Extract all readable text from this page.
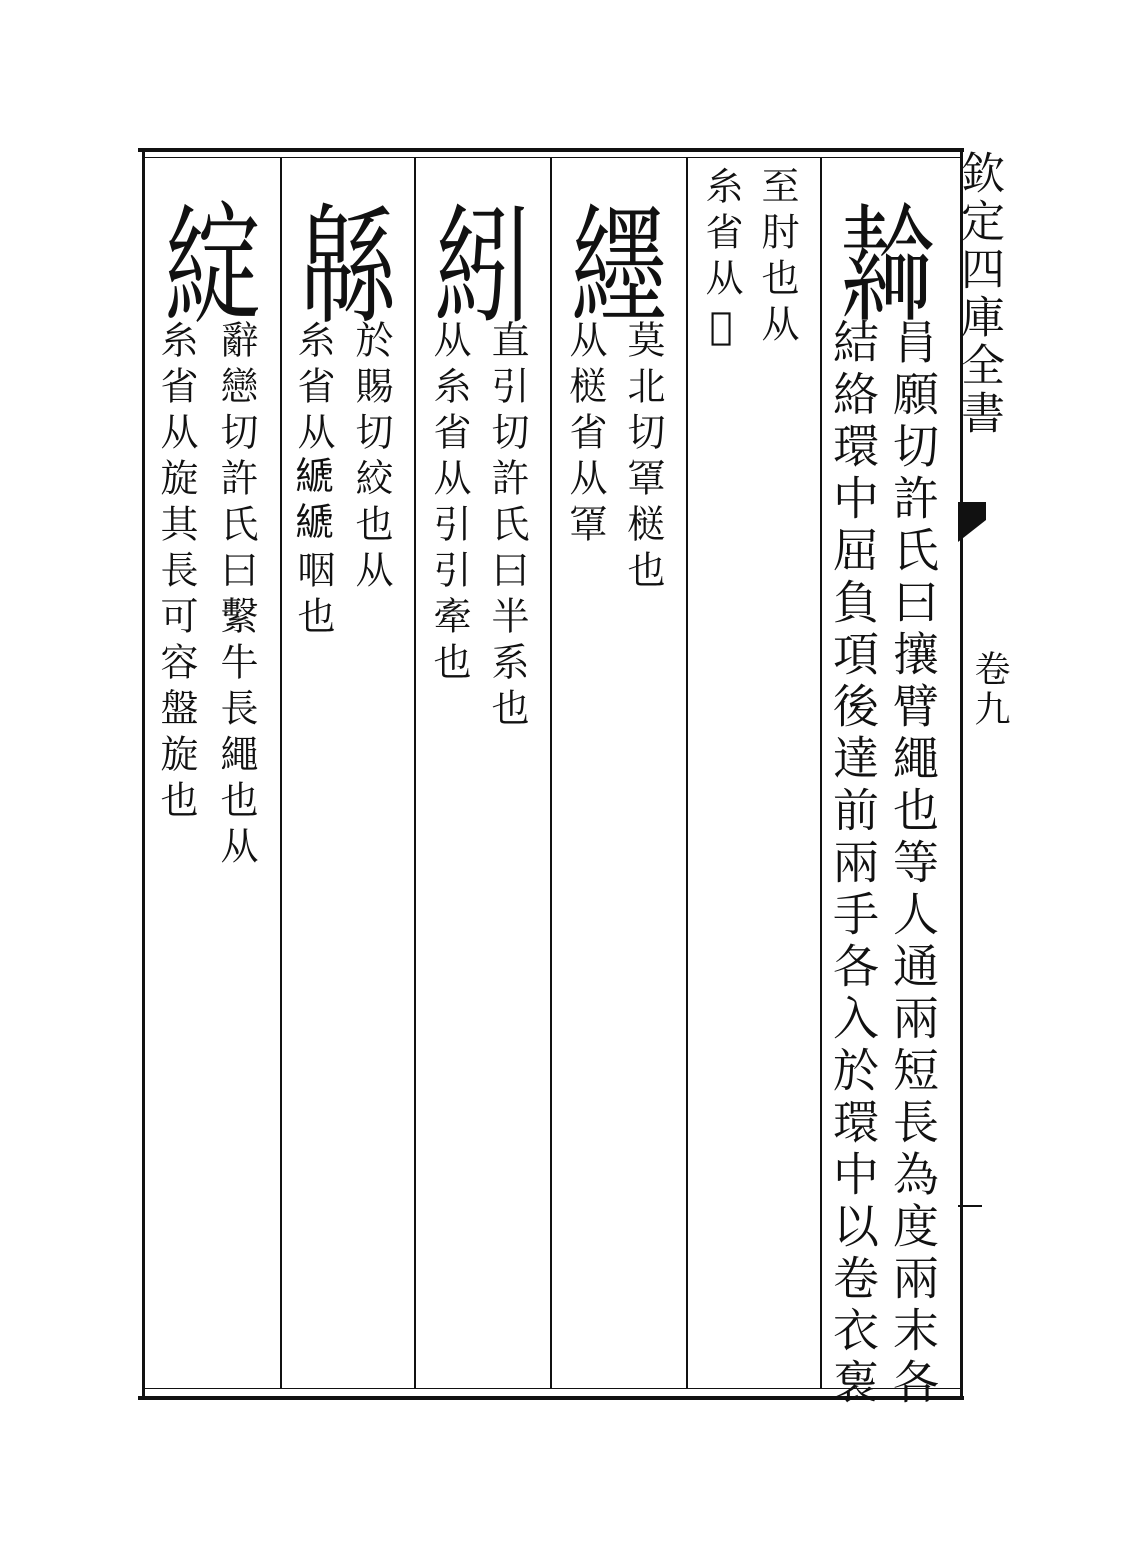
𦅫
肙願切許氏曰攘臂繩也等人通兩短長為度兩末各
結絡環中屈負項後達前兩手各入於環中以卷衣袌
至肘也从
糸省从𤼵
纆
莫北切𦋐㮸也
从㮸省从𦋐
紖
直引切許氏曰半系也
从糸省从引引牽也
緜
於賜切絞也从
糸省从𦃇𦃇咽也
綻
辭戀切許氏曰繫牛長繩也从
糸省从旋其長可容盤旋也
欽定四庫全書
卷九
